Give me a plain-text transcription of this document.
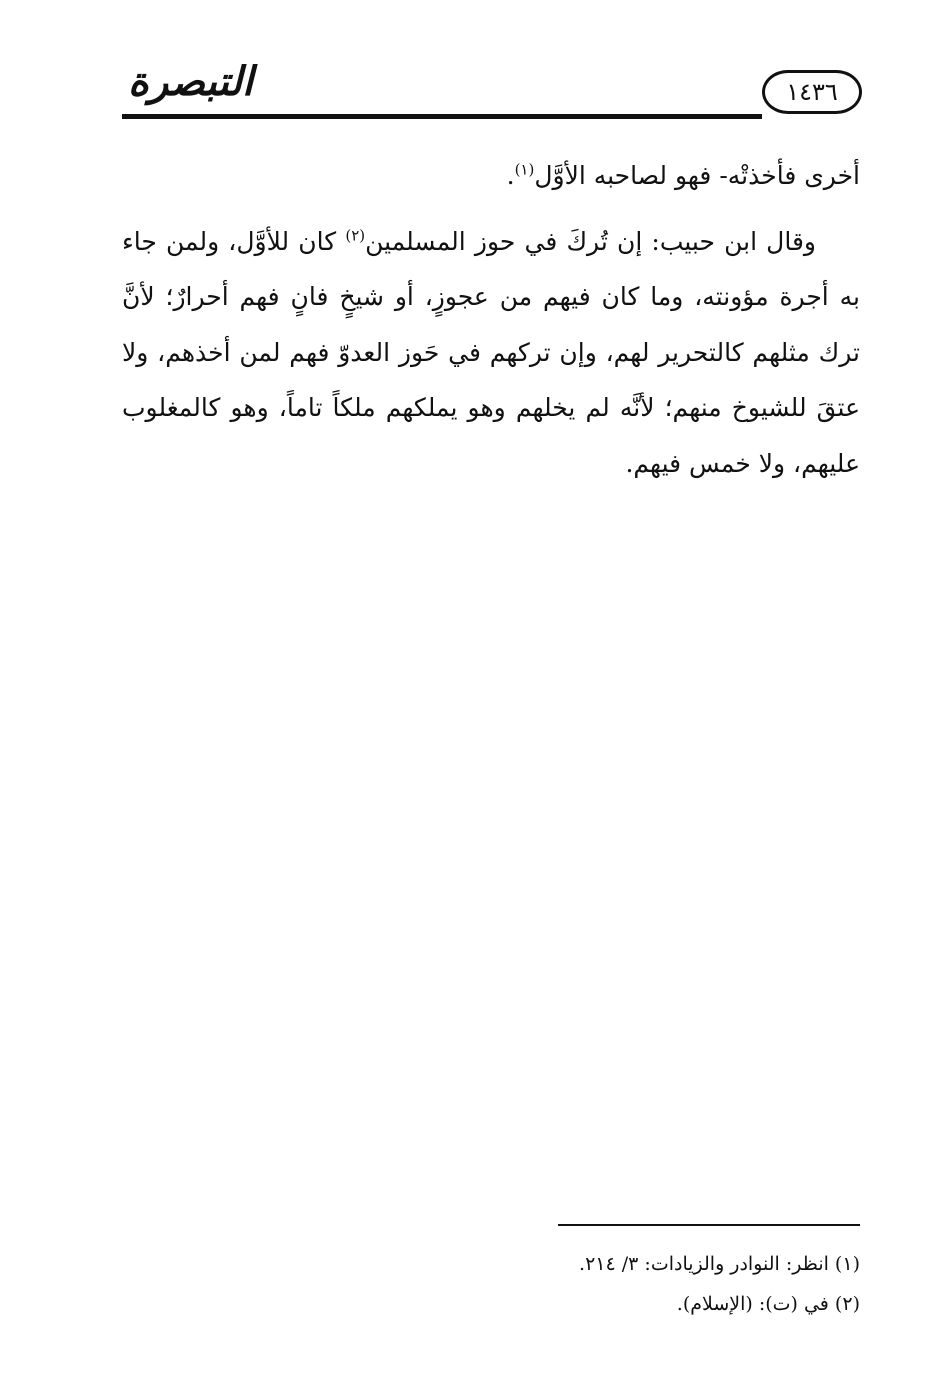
التبصرة	١٤٣٦

أخرى فأخذتْه- فهو لصاحبه الأوَّل$^{(١)}$.

وقال ابن حبيب: إن تُركَ في حوز المسلمين$^{(٢)}$ كان للأوَّل، ولمن جاء به أجرة مؤونته، وما كان فيهم من عجوزٍ، أو شيخٍ فانٍ فهم أحرارٌ؛ لأنَّ ترك مثلهم كالتحرير لهم، وإن تركهم في حَوز العدوّ فهم لمن أخذهم، ولا عتقَ للشيوخ منهم؛ لأنَّه لم يخلهم وهو يملكهم ملكاً تاماً، وهو كالمغلوب عليهم، ولا خمس فيهم.

(١) انظر: النوادر والزيادات: ٣/ ٢١٤.
(٢) في (ت): (الإسلام).
